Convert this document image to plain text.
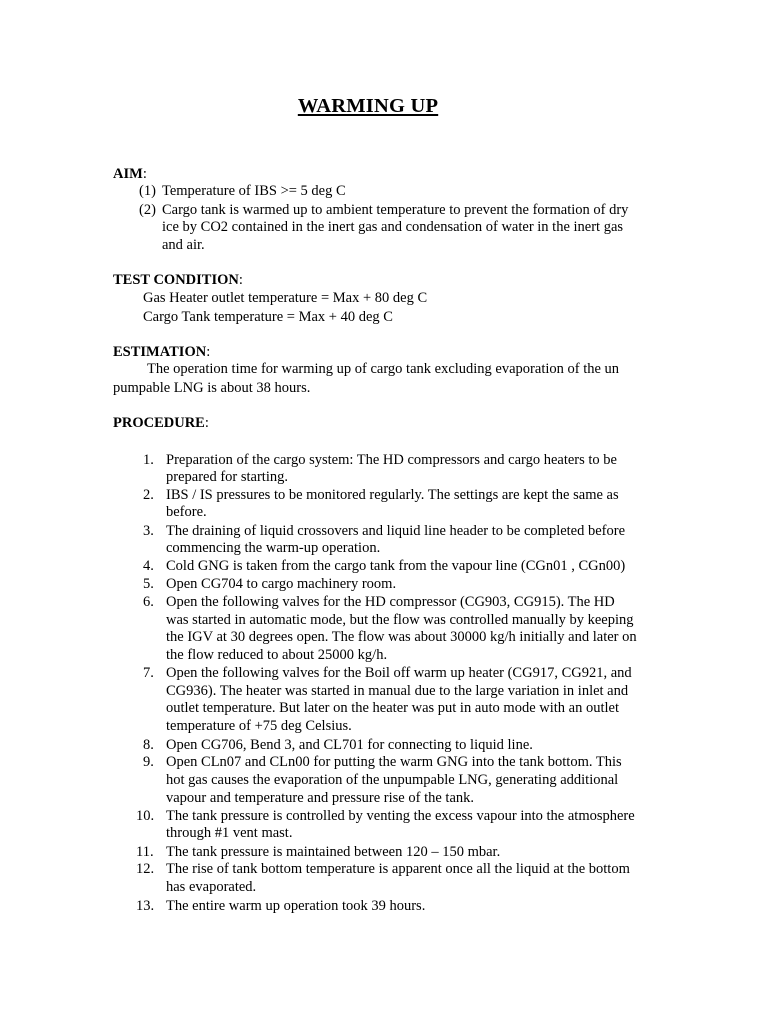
WARMING UP
AIM:
(1) Temperature of IBS >= 5 deg C
(2) Cargo tank is warmed up to ambient temperature to prevent the formation of dry
ice by CO2 contained in the inert gas and condensation of water in the inert gas
and air.
TEST CONDITION:
Gas Heater outlet temperature = Max + 80 deg C
Cargo Tank temperature = Max + 40 deg C
ESTIMATION:
The operation time for warming up of cargo tank excluding evaporation of the un
pumpable LNG is about 38 hours.
PROCEDURE:
1. Preparation of the cargo system: The HD compressors and cargo heaters to be
prepared for starting.
2. IBS / IS pressures to be monitored regularly. The settings are kept the same as
before.
3. The draining of liquid crossovers and liquid line header to be completed before
commencing the warm-up operation.
4. Cold GNG is taken from the cargo tank from the vapour line (CGn01 , CGn00)
5. Open CG704 to cargo machinery room.
6. Open the following valves for the HD compressor (CG903, CG915). The HD
was started in automatic mode, but the flow was controlled manually by keeping
the IGV at 30 degrees open. The flow was about 30000 kg/h initially and later on
the flow reduced to about 25000 kg/h.
7. Open the following valves for the Boil off warm up heater (CG917, CG921, and
CG936). The heater was started in manual due to the large variation in inlet and
outlet temperature. But later on the heater was put in auto mode with an outlet
temperature of +75 deg Celsius.
8. Open CG706, Bend 3, and CL701 for connecting to liquid line.
9. Open CLn07 and CLn00 for putting the warm GNG into the tank bottom. This
hot gas causes the evaporation of the unpumpable LNG, generating additional
vapour and temperature and pressure rise of the tank.
10. The tank pressure is controlled by venting the excess vapour into the atmosphere
through #1 vent mast.
11. The tank pressure is maintained between 120 – 150 mbar.
12. The rise of tank bottom temperature is apparent once all the liquid at the bottom
has evaporated.
13. The entire warm up operation took 39 hours.
